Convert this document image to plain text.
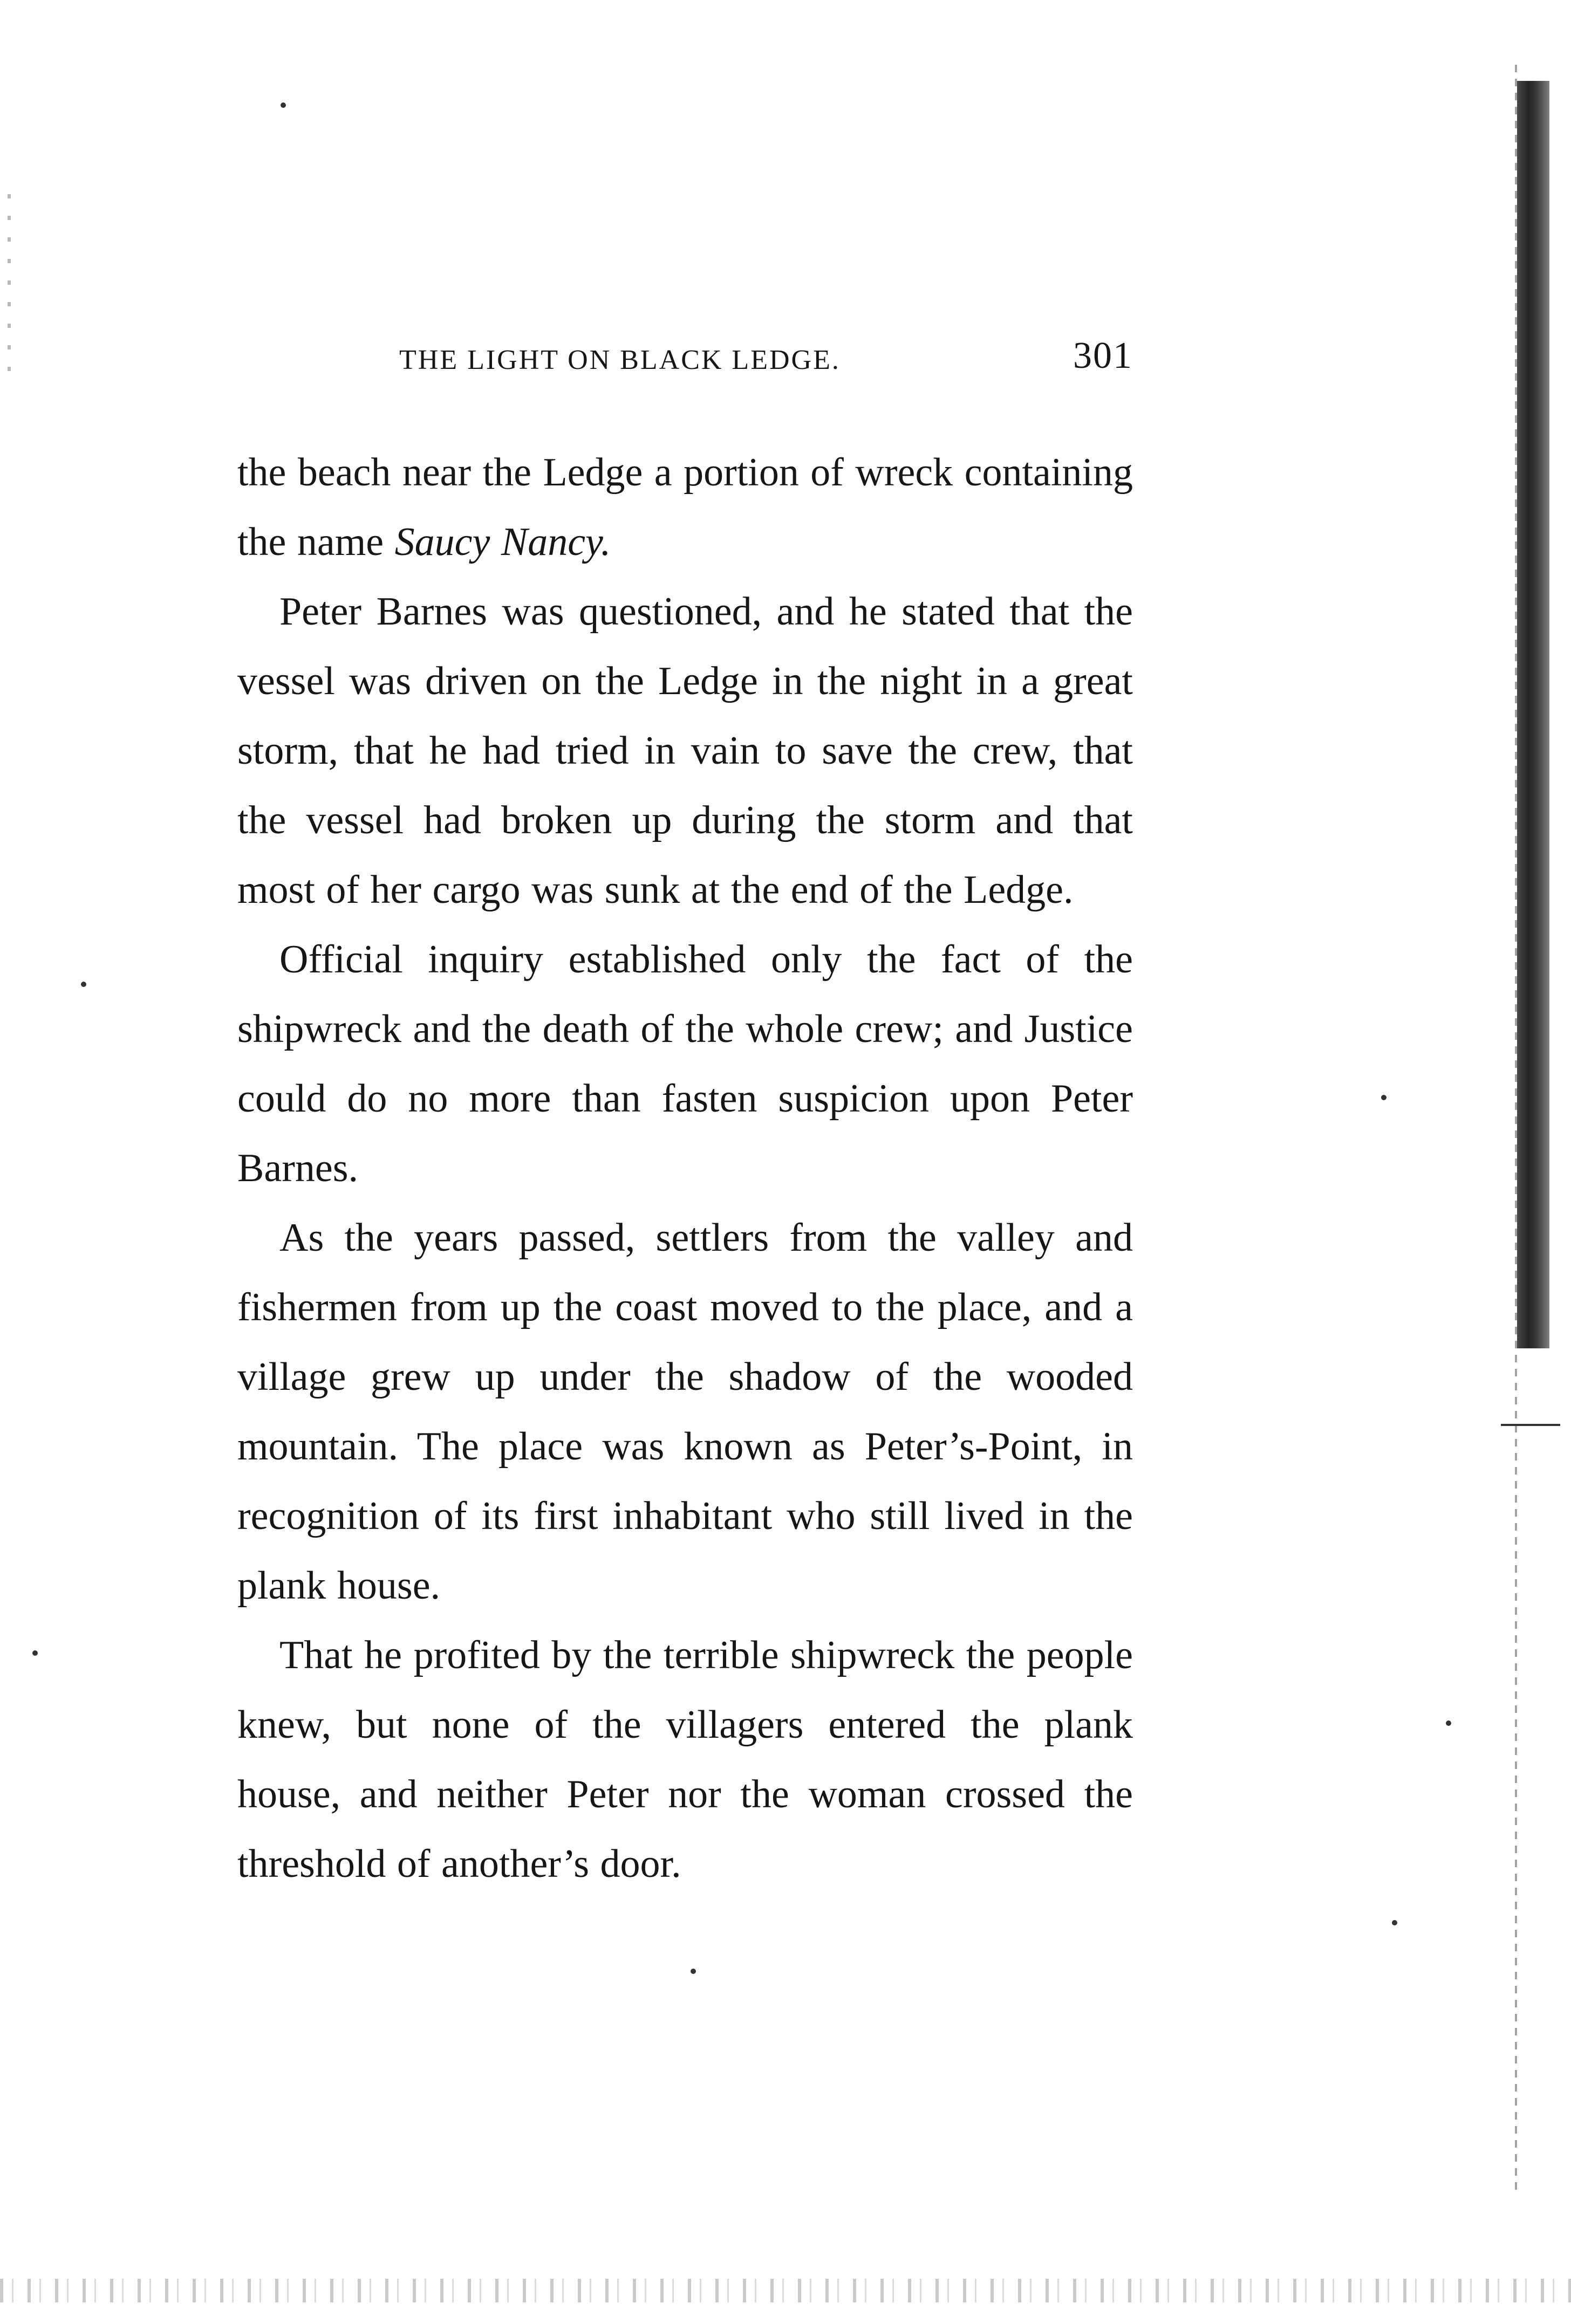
THE LIGHT ON BLACK LEDGE.	301

the beach near the Ledge a portion of wreck containing the name Saucy Nancy.

Peter Barnes was questioned, and he stated that the vessel was driven on the Ledge in the night in a great storm, that he had tried in vain to save the crew, that the vessel had broken up during the storm and that most of her cargo was sunk at the end of the Ledge.

Official inquiry established only the fact of the shipwreck and the death of the whole crew; and Justice could do no more than fasten suspicion upon Peter Barnes.

As the years passed, settlers from the valley and fishermen from up the coast moved to the place, and a village grew up under the shadow of the wooded mountain. The place was known as Peter’s-Point, in recognition of its first inhabitant who still lived in the plank house.

That he profited by the terrible shipwreck the people knew, but none of the villagers entered the plank house, and neither Peter nor the woman crossed the threshold of another’s door.
